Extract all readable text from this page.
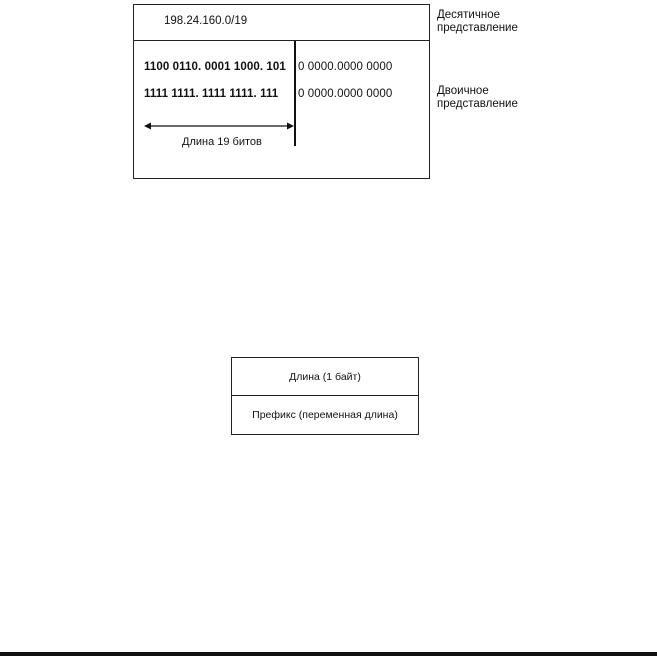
198.24.160.0/19
1100 0110. 0001 1000. 101 0 0000.0000 0000
1111 1111. 1111 1111. 111 0 0000.0000 0000
Длина 19 битов
Десятичное
представление
Двоичное
представление
Длина (1 байт)
Префикс (переменная длина)
